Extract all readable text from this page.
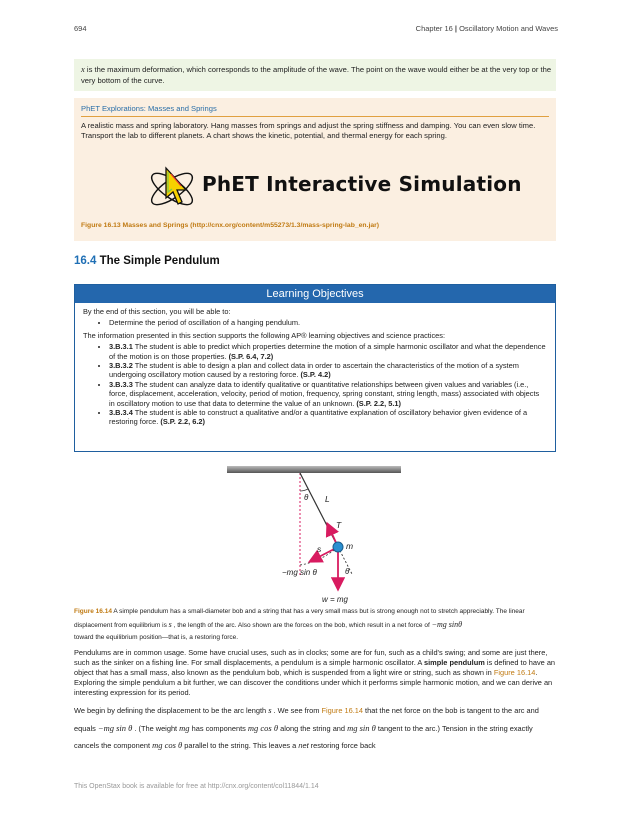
694	Chapter 16 | Oscillatory Motion and Waves

x is the maximum deformation, which corresponds to the amplitude of the wave. The point on the wave would either be at the very top or the very bottom of the curve.

PhET Explorations: Masses and Springs
A realistic mass and spring laboratory. Hang masses from springs and adjust the spring stiffness and damping. You can even slow time. Transport the lab to different planets. A chart shows the kinetic, potential, and thermal energy for each spring.
PhET Interactive Simulation
Figure 16.13 Masses and Springs (http://cnx.org/content/m55273/1.3/mass-spring-lab_en.jar)
16.4 The Simple Pendulum
Learning Objectives

By the end of this section, you will be able to:

• Determine the period of oscillation of a hanging pendulum.

The information presented in this section supports the following AP® learning objectives and science practices:

• 3.B.3.1 The student is able to predict which properties determine the motion of a simple harmonic oscillator and what the dependence of the motion is on those properties. (S.P. 6.4, 7.2)
• 3.B.3.2 The student is able to design a plan and collect data in order to ascertain the characteristics of the motion of a system undergoing oscillatory motion caused by a restoring force. (S.P. 4.2)
• 3.B.3.3 The student can analyze data to identify qualitative or quantitative relationships between given values and variables (i.e., force, displacement, acceleration, velocity, period of motion, frequency, spring constant, string length, mass) associated with objects in oscillatory motion to use that data to determine the value of an unknown. (S.P. 2.2, 5.1)
• 3.B.3.4 The student is able to construct a qualitative and/or a quantitative explanation of oscillatory behavior given evidence of a restoring force. (S.P. 2.2, 6.2)
θ L
T
s	m
θ
−mg sin θ
w = mg
Figure 16.14 A simple pendulum has a small-diameter bob and a string that has a very small mass but is strong enough not to stretch appreciably. The linear displacement from equilibrium is s , the length of the arc. Also shown are the forces on the bob, which result in a net force of −mg sinθ
toward the equilibrium position—that is, a restoring force.
Pendulums are in common usage. Some have crucial uses, such as in clocks; some are for fun, such as a child's swing; and some are just there, such as the sinker on a fishing line. For small displacements, a pendulum is a simple harmonic oscillator. A simple pendulum is defined to have an object that has a small mass, also known as the pendulum bob, which is suspended from a light wire or string, such as shown in Figure 16.14. Exploring the simple pendulum a bit further, we can discover the conditions under which it performs simple harmonic motion, and we can derive an interesting expression for its period.
We begin by defining the displacement to be the arc length s . We see from Figure 16.14 that the net force on the bob is tangent to the arc and equals −mg sin θ . (The weight mg has components mg cos θ along the string and mg sin θ tangent to the arc.) Tension in the string exactly cancels the component mg cos θ parallel to the string. This leaves a net restoring force back
This OpenStax book is available for free at http://cnx.org/content/col11844/1.14
